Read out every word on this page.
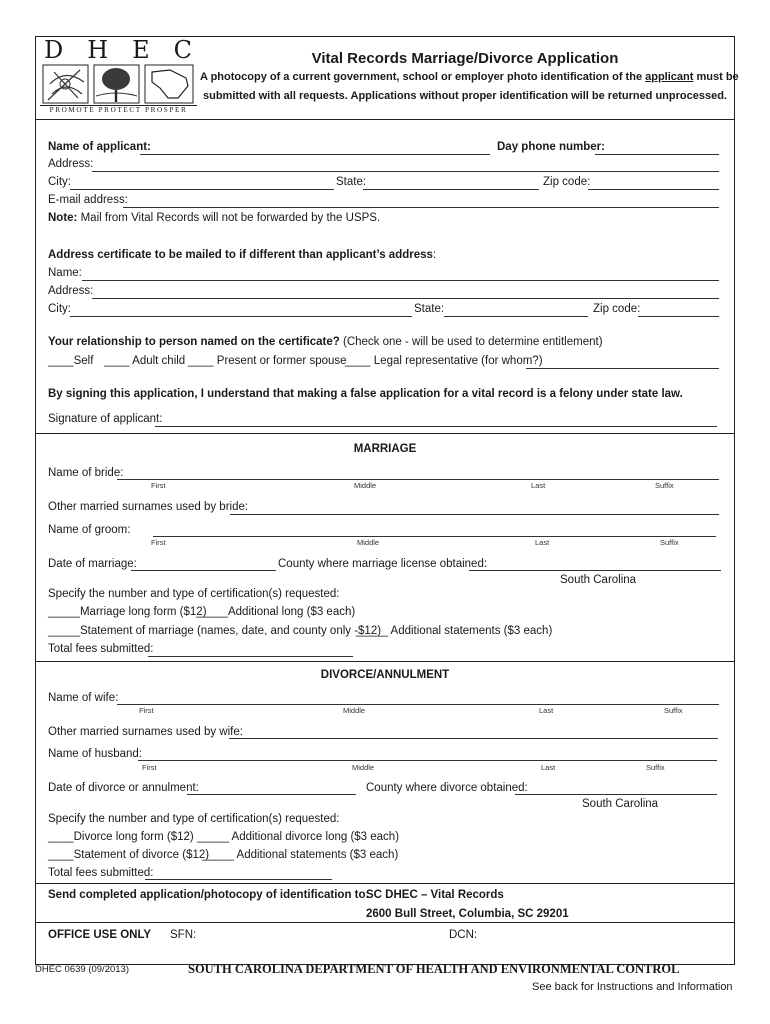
D H E C
PROMOTE PROTECT PROSPER
Vital Records Marriage/Divorce Application
A photocopy of a current government, school or employer photo identification of the applicant must be
submitted with all requests. Applications without proper identification will be returned unprocessed.
Name of applicant:	Day phone number:
Address:
City:	State:	Zip code:
E-mail address:
Note: Mail from Vital Records will not be forwarded by the USPS.
Address certificate to be mailed to if different than applicant’s address:
Name:
Address:
City:	State:	Zip code:
Your relationship to person named on the certificate? (Check one - will be used to determine entitlement)
____Self ____ Adult child ____ Present or former spouse
____ Legal representative (for whom?)
By signing this application, I understand that making a false application for a vital record is a felony under state law.
Signature of applicant:
MARRIAGE
Name of bride:
First	Middle	Last	Suffix
Other married surnames used by bride:
Name of groom:
First	Middle	Last	Suffix
Date of marriage:	County where marriage license obtained:
South Carolina
Specify the number and type of certification(s) requested:
_____Marriage long form ($12)
_____Additional long ($3 each)
_____Statement of marriage (names, date, and county only -$12)
_____ Additional statements ($3 each)
Total fees submitted:
DIVORCE/ANNULMENT
Name of wife:
First	Middle	Last	Suffix
Other married surnames used by wife:
Name of husband:
First	Middle	Last	Suffix
Date of divorce or annulment:	County where divorce obtained:
South Carolina
Specify the number and type of certification(s) requested:
____Divorce long form ($12) _____ Additional divorce long ($3 each)
____Statement of divorce ($12)
_____ Additional statements ($3 each)
Total fees submitted:
Send completed application/photocopy of identification to:
SC DHEC – Vital Records
2600 Bull Street, Columbia, SC 29201
OFFICE USE ONLY SFN:	DCN:
DHEC 0639 (09/2013)	SOUTH CAROLINA DEPARTMENT OF HEALTH AND ENVIRONMENTAL CONTROL
See back for Instructions and Information
